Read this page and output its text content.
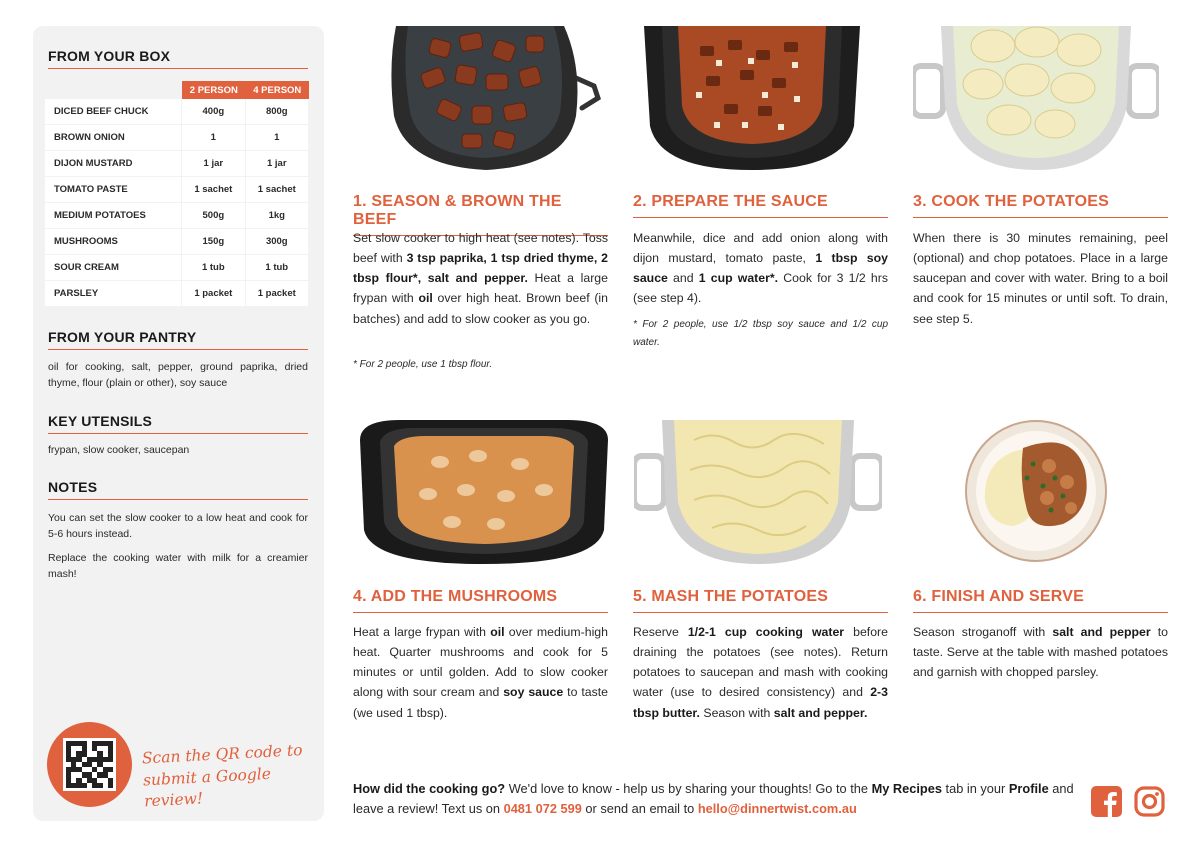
FROM YOUR BOX
	2 PERSON	4 PERSON
DICED BEEF CHUCK	400g	800g
BROWN ONION	1	1
DIJON MUSTARD	1 jar	1 jar
TOMATO PASTE	1 sachet	1 sachet
MEDIUM POTATOES	500g	1kg
MUSHROOMS	150g	300g
SOUR CREAM	1 tub	1 tub
PARSLEY	1 packet	1 packet
FROM YOUR PANTRY
oil for cooking, salt, pepper, ground paprika, dried thyme, flour (plain or other), soy sauce
KEY UTENSILS
frypan, slow cooker, saucepan
NOTES
You can set the slow cooker to a low heat and cook for 5-6 hours instead.
Replace the cooking water with milk for a creamier mash!
Scan the QR code to submit a Google review!
1. SEASON & BROWN THE BEEF
2. PREPARE THE SAUCE	3. COOK THE POTATOES
4. ADD THE MUSHROOMS	5. MASH THE POTATOES	6. FINISH AND SERVE
Set slow cooker to high heat (see notes). Toss beef with 3 tsp paprika, 1 tsp dried thyme, 2 tbsp flour*, salt and pepper. Heat a large frypan with oil over high heat. Brown beef (in batches) and add to slow cooker as you go.
* For 2 people, use 1 tbsp flour.
Meanwhile, dice and add onion along with dijon mustard, tomato paste, 1 tbsp soy sauce and 1 cup water*. Cook for 3 1/2 hrs (see step 4).
* For 2 people, use 1/2 tbsp soy sauce and 1/2 cup water.
When there is 30 minutes remaining, peel (optional) and chop potatoes. Place in a large saucepan and cover with water. Bring to a boil and cook for 15 minutes or until soft. To drain, see step 5.
Heat a large frypan with oil over medium-high heat. Quarter mushrooms and cook for 5 minutes or until golden. Add to slow cooker along with sour cream and soy sauce to taste (we used 1 tbsp).
Reserve 1/2-1 cup cooking water before draining the potatoes (see notes). Return potatoes to saucepan and mash with cooking water (use to desired consistency) and 2-3 tbsp butter. Season with salt and pepper.
Season stroganoff with salt and pepper to taste. Serve at the table with mashed potatoes and garnish with chopped parsley.
How did the cooking go? We'd love to know - help us by sharing your thoughts! Go to the My Recipes tab in your Profile and leave a review! Text us on 0481 072 599 or send an email to hello@dinnertwist.com.au
